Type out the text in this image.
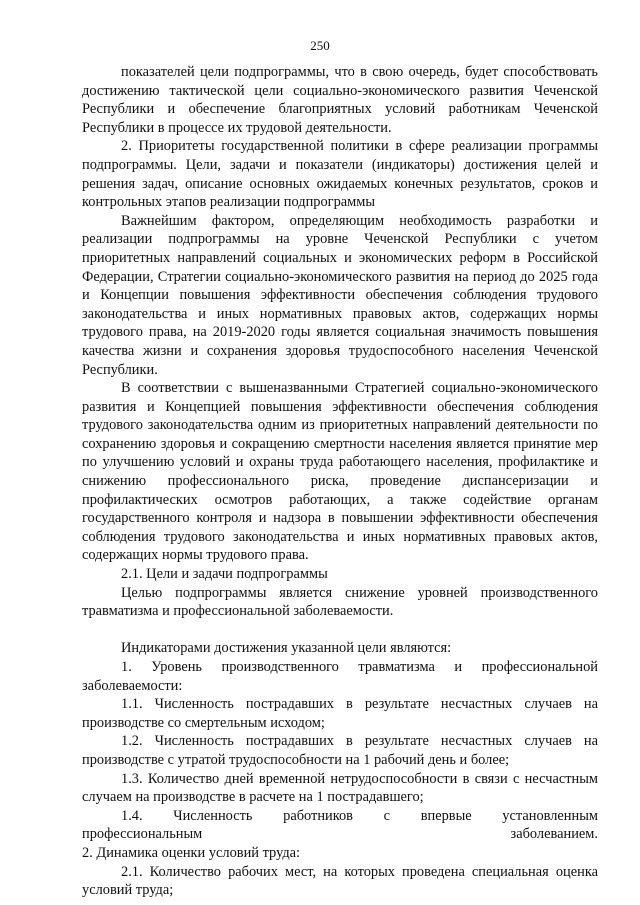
250

показателей цели подпрограммы, что в свою очередь, будет способствовать достижению тактической цели социально-экономического развития Чеченской Республики и обеспечение благоприятных условий работникам Чеченской Республики в процессе их трудовой деятельности.

2. Приоритеты государственной политики в сфере реализации программы подпрограммы. Цели, задачи и показатели (индикаторы) достижения целей и решения задач, описание основных ожидаемых конечных результатов, сроков и контрольных этапов реализации подпрограммы

Важнейшим фактором, определяющим необходимость разработки и реализации подпрограммы на уровне Чеченской Республики с учетом приоритетных направлений социальных и экономических реформ в Российской Федерации, Стратегии социально-экономического развития на период до 2025 года и Концепции повышения эффективности обеспечения соблюдения трудового законодательства и иных нормативных правовых актов, содержащих нормы трудового права, на 2019-2020 годы является социальная значимость повышения качества жизни и сохранения здоровья трудоспособного населения Чеченской Республики.

В соответствии с вышеназванными Стратегией социально-экономического развития и Концепцией повышения эффективности обеспечения соблюдения трудового законодательства одним из приоритетных направлений деятельности по сохранению здоровья и сокращению смертности населения является принятие мер по улучшению условий и охраны труда работающего населения, профилактике и снижению профессионального риска, проведение диспансеризации и профилактических осмотров работающих, а также содействие органам государственного контроля и надзора в повышении эффективности обеспечения соблюдения трудового законодательства и иных нормативных правовых актов, содержащих нормы трудового права.

2.1. Цели и задачи подпрограммы

Целью подпрограммы является снижение уровней производственного травматизма и профессиональной заболеваемости.

Индикаторами достижения указанной цели являются:

1. Уровень производственного травматизма и профессиональной заболеваемости:

1.1. Численность пострадавших в результате несчастных случаев на производстве со смертельным исходом;

1.2. Численность пострадавших в результате несчастных случаев на производстве с утратой трудоспособности на 1 рабочий день и более;

1.3. Количество дней временной нетрудоспособности в связи с несчастным случаем на производстве в расчете на 1 пострадавшего;

1.4. Численность работников с впервые установленным

профессиональным	заболеванием.

2. Динамика оценки условий труда:

2.1. Количество рабочих мест, на которых проведена специальная оценка условий труда;
